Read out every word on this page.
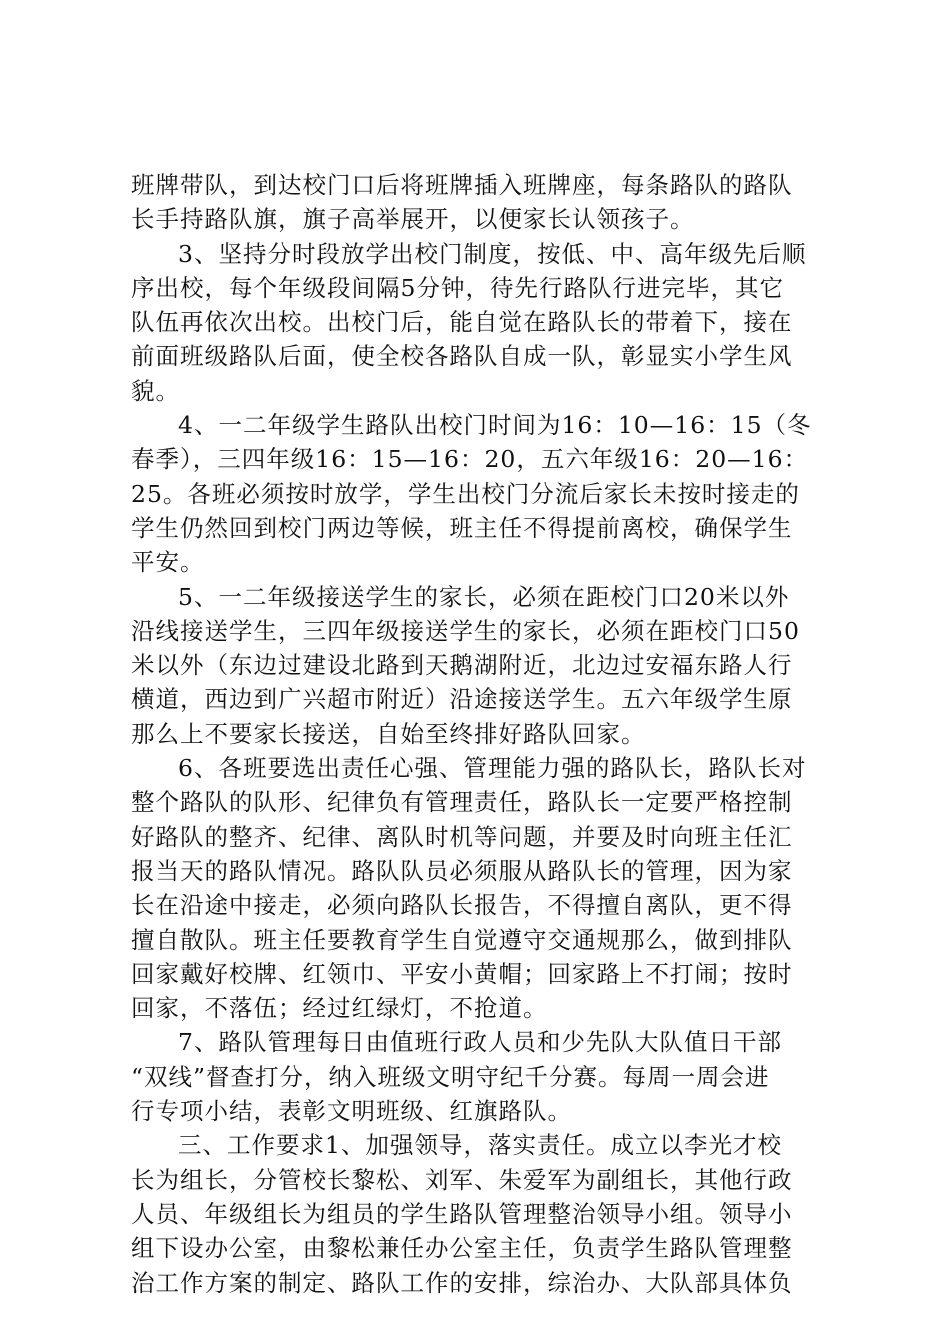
班牌带队，到达校门口后将班牌插入班牌座，每条路队的路队
长手持路队旗，旗子高举展开，以便家长认领孩子。
3、坚持分时段放学出校门制度，按低、中、高年级先后顺
序出校，每个年级段间隔5分钟，待先行路队行进完毕，其它
队伍再依次出校。出校门后，能自觉在路队长的带着下，接在
前面班级路队后面，使全校各路队自成一队，彰显实小学生风
貌。
4、一二年级学生路队出校门时间为16：10—16：15（冬
春季），三四年级16：15—16：20，五六年级16：20—16：
25。各班必须按时放学，学生出校门分流后家长未按时接走的
学生仍然回到校门两边等候，班主任不得提前离校，确保学生
平安。
5、一二年级接送学生的家长，必须在距校门口20米以外
沿线接送学生，三四年级接送学生的家长，必须在距校门口50
米以外（东边过建设北路到天鹅湖附近，北边过安福东路人行
横道，西边到广兴超市附近）沿途接送学生。五六年级学生原
那么上不要家长接送，自始至终排好路队回家。
6、各班要选出责任心强、管理能力强的路队长，路队长对
整个路队的队形、纪律负有管理责任，路队长一定要严格控制
好路队的整齐、纪律、离队时机等问题，并要及时向班主任汇
报当天的路队情况。路队队员必须服从路队长的管理，因为家
长在沿途中接走，必须向路队长报告，不得擅自离队，更不得
擅自散队。班主任要教育学生自觉遵守交通规那么，做到排队
回家戴好校牌、红领巾、平安小黄帽；回家路上不打闹；按时
回家，不落伍；经过红绿灯，不抢道。
7、路队管理每日由值班行政人员和少先队大队值日干部
“双线”督查打分，纳入班级文明守纪千分赛。每周一周会进
行专项小结，表彰文明班级、红旗路队。
三、工作要求1、加强领导，落实责任。成立以李光才校
长为组长，分管校长黎松、刘军、朱爱军为副组长，其他行政
人员、年级组长为组员的学生路队管理整治领导小组。领导小
组下设办公室，由黎松兼任办公室主任，负责学生路队管理整
治工作方案的制定、路队工作的安排，综治办、大队部具体负
